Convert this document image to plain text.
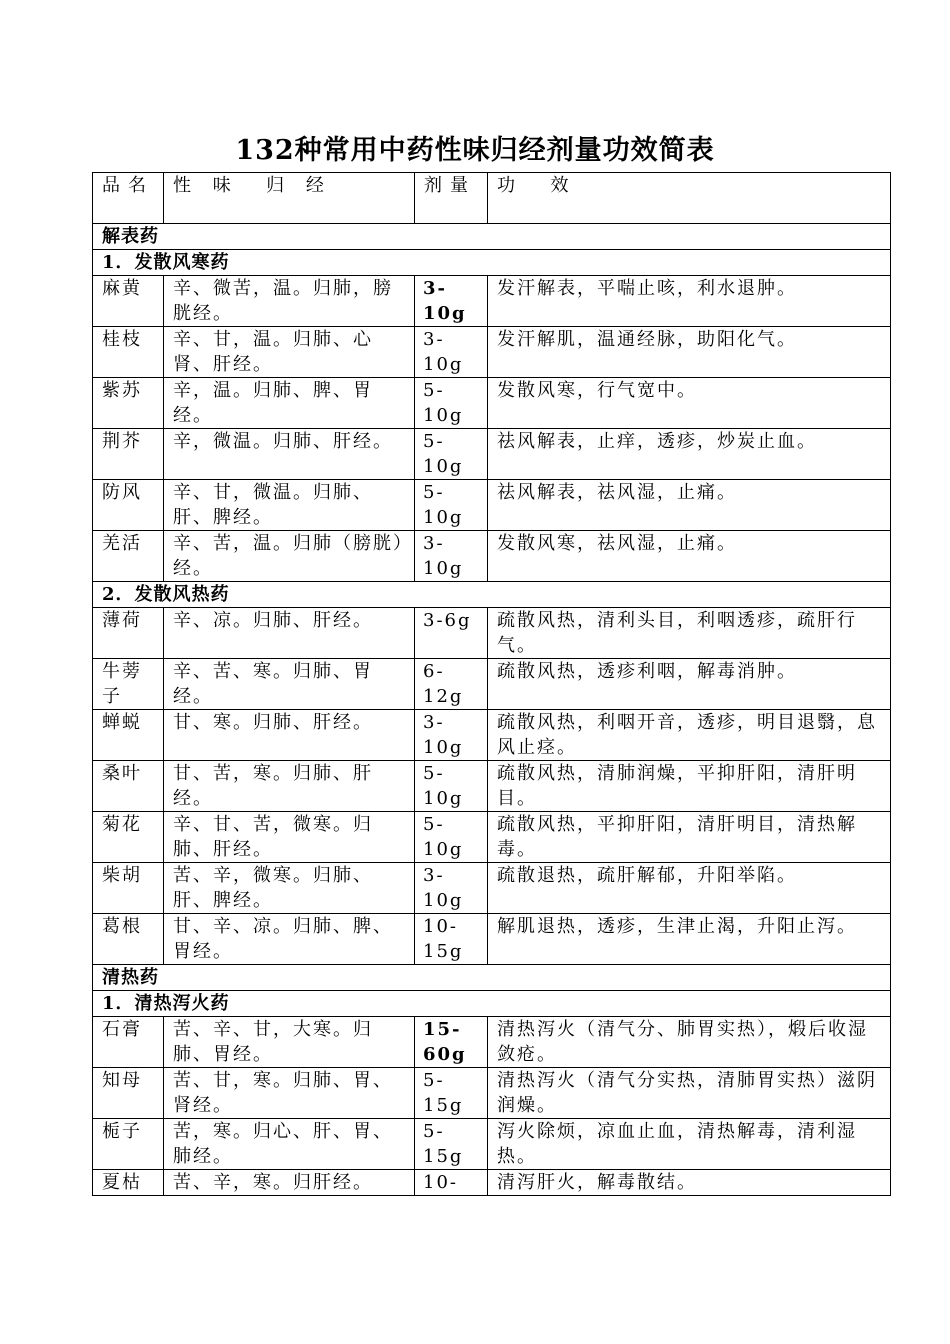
132种常用中药性味归经剂量功效简表
品名	性 味  归 经	剂量	功  效
解表药			
1．发散风寒药			
麻黄	辛、微苦，温。归肺，膀胱经。	3-10g	发汗解表，平喘止咳，利水退肿。
桂枝	辛、甘，温。归肺、心肾、肝经。	3-10g	发汗解肌，温通经脉，助阳化气。
紫苏	辛，温。归肺、脾、胃经。	5-10g	发散风寒，行气宽中。
荆芥	辛，微温。归肺、肝经。	5-10g	祛风解表，止痒，透疹，炒炭止血。
防风	辛、甘，微温。归肺、肝、脾经。	5-10g	祛风解表，祛风湿，止痛。
羌活	辛、苦，温。归肺（膀胱）经。	3-10g	发散风寒，祛风湿，止痛。
2．发散风热药			
薄荷	辛、凉。归肺、肝经。	3-6g	疏散风热，清利头目，利咽透疹，疏肝行气。
牛蒡子	辛、苦、寒。归肺、胃经。	6-12g	疏散风热，透疹利咽，解毒消肿。
蝉蜕	甘、寒。归肺、肝经。	3-10g	疏散风热，利咽开音，透疹，明目退翳，息风止痉。
桑叶	甘、苦，寒。归肺、肝经。	5-10g	疏散风热，清肺润燥，平抑肝阳，清肝明目。
菊花	辛、甘、苦，微寒。归肺、肝经。	5-10g	疏散风热，平抑肝阳，清肝明目，清热解毒。
柴胡	苦、辛，微寒。归肺、肝、脾经。	3-10g	疏散退热，疏肝解郁，升阳举陷。
葛根	甘、辛、凉。归肺、脾、胃经。	10-15g	解肌退热，透疹，生津止渴，升阳止泻。
清热药			
1．清热泻火药			
石膏	苦、辛、甘，大寒。归肺、胃经。	15-60g	清热泻火（清气分、肺胃实热），煅后收湿敛疮。
知母	苦、甘，寒。归肺、胃、肾经。	5-15g	清热泻火（清气分实热，清肺胃实热）滋阴润燥。
栀子	苦，寒。归心、肝、胃、肺经。	5-15g	泻火除烦，凉血止血，清热解毒，清利湿热。
夏枯	苦、辛，寒。归肝经。	10-	清泻肝火，解毒散结。
